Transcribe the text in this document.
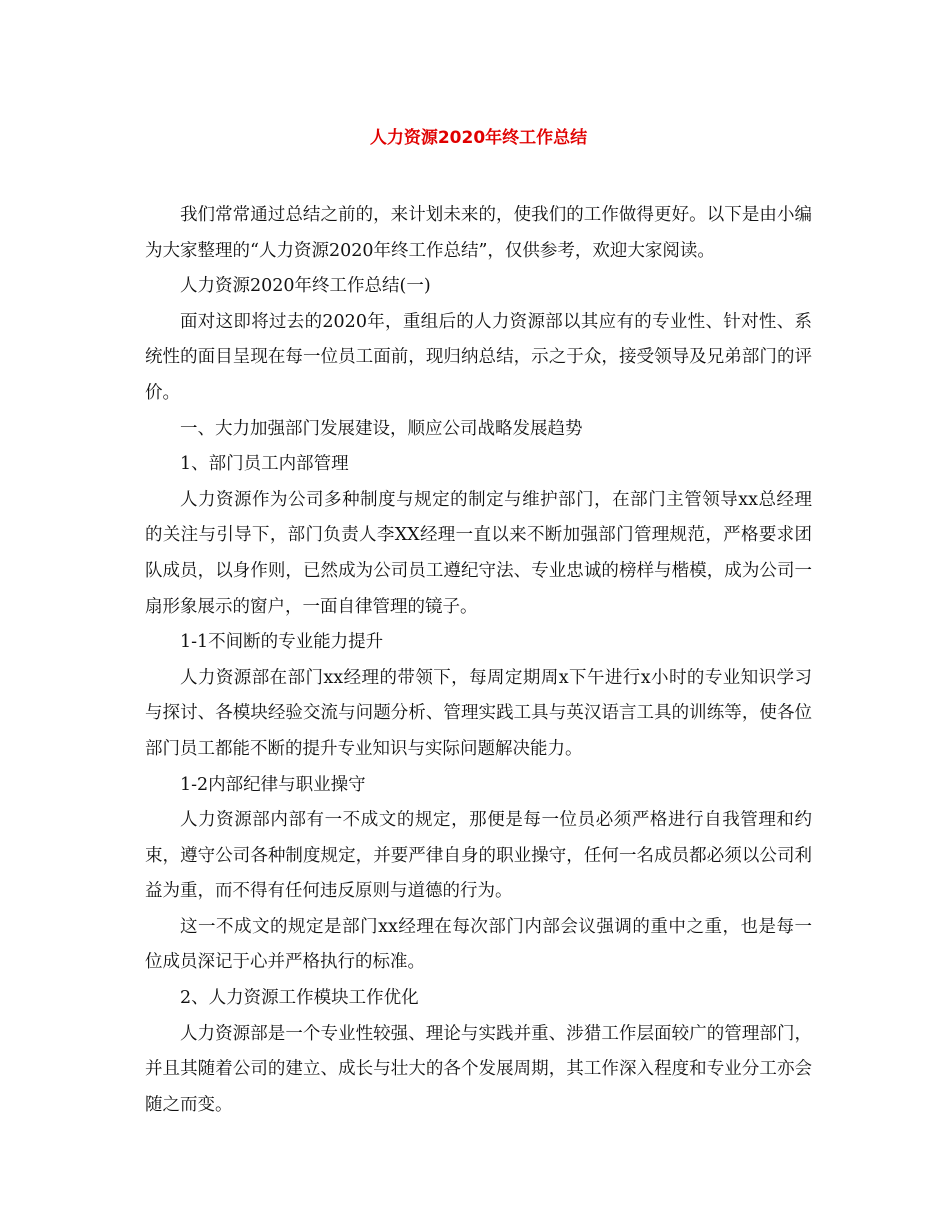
人力资源2020年终工作总结

我们常常通过总结之前的，来计划未来的，使我们的工作做得更好。以下是由小编为大家整理的“人力资源2020年终工作总结”，仅供参考，欢迎大家阅读。

人力资源2020年终工作总结(一)

面对这即将过去的2020年，重组后的人力资源部以其应有的专业性、针对性、系统性的面目呈现在每一位员工面前，现归纳总结，示之于众，接受领导及兄弟部门的评价。

一、大力加强部门发展建设，顺应公司战略发展趋势

1、部门员工内部管理

人力资源作为公司多种制度与规定的制定与维护部门，在部门主管领导xx总经理的关注与引导下，部门负责人李XX经理一直以来不断加强部门管理规范，严格要求团队成员，以身作则，已然成为公司员工遵纪守法、专业忠诚的榜样与楷模，成为公司一扇形象展示的窗户，一面自律管理的镜子。

1-1不间断的专业能力提升

人力资源部在部门xx经理的带领下，每周定期周x下午进行x小时的专业知识学习与探讨、各模块经验交流与问题分析、管理实践工具与英汉语言工具的训练等，使各位部门员工都能不断的提升专业知识与实际问题解决能力。

1-2内部纪律与职业操守

人力资源部内部有一不成文的规定，那便是每一位员必须严格进行自我管理和约束，遵守公司各种制度规定，并要严律自身的职业操守，任何一名成员都必须以公司利益为重，而不得有任何违反原则与道德的行为。

这一不成文的规定是部门xx经理在每次部门内部会议强调的重中之重，也是每一位成员深记于心并严格执行的标准。

2、人力资源工作模块工作优化

人力资源部是一个专业性较强、理论与实践并重、涉猎工作层面较广的管理部门，并且其随着公司的建立、成长与壮大的各个发展周期，其工作深入程度和专业分工亦会随之而变。
